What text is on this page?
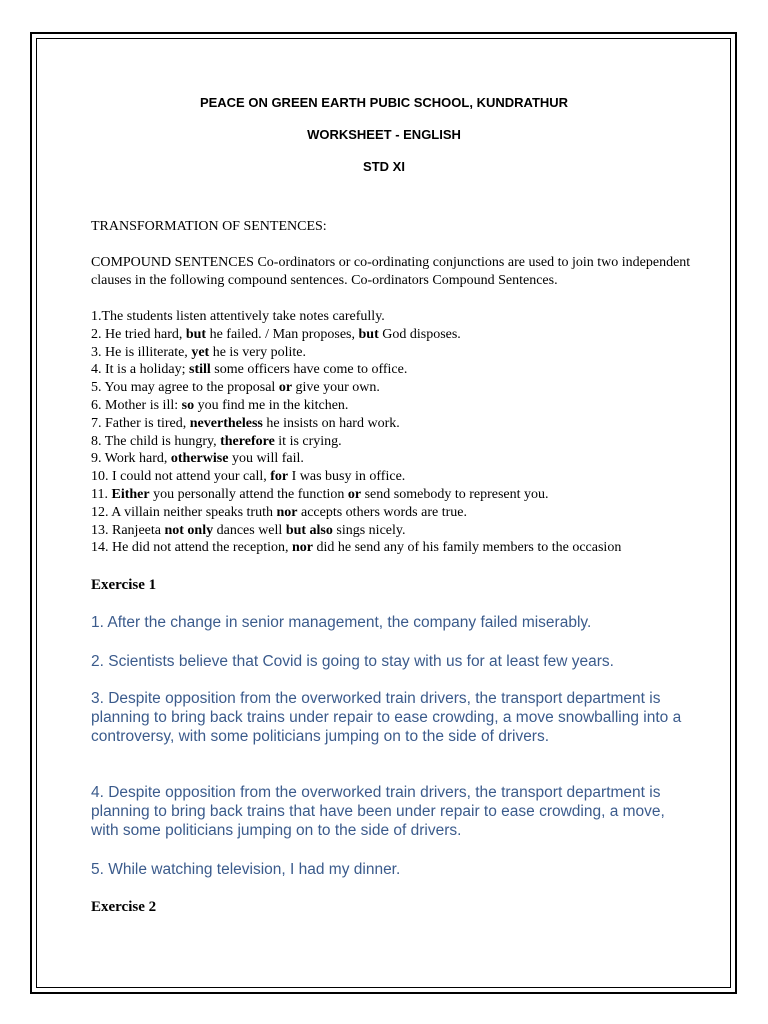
PEACE ON GREEN EARTH PUBIC SCHOOL, KUNDRATHUR
WORKSHEET - ENGLISH
STD XI
TRANSFORMATION OF SENTENCES:
COMPOUND SENTENCES Co-ordinators or co-ordinating conjunctions are used to join two independent clauses in the following compound sentences. Co-ordinators Compound Sentences.
1.The students listen attentively take notes carefully.
2. He tried hard, but he failed. / Man proposes, but God disposes.
3. He is illiterate, yet he is very polite.
4. It is a holiday; still some officers have come to office.
5. You may agree to the proposal or give your own.
6. Mother is ill: so you find me in the kitchen.
7. Father is tired, nevertheless he insists on hard work.
8. The child is hungry, therefore it is crying.
9. Work hard, otherwise you will fail.
10. I could not attend your call, for I was busy in office.
11. Either you personally attend the function or send somebody to represent you.
12. A villain neither speaks truth nor accepts others words are true.
13. Ranjeeta not only dances well but also sings nicely.
14. He did not attend the reception, nor did he send any of his family members to the occasion
Exercise 1
1. After the change in senior management, the company failed miserably.
2. Scientists believe that Covid is going to stay with us for at least few years.
3. Despite opposition from the overworked train drivers, the transport department is planning to bring back trains under repair to ease crowding, a move snowballing into a controversy, with some politicians jumping on to the side of drivers.
4. Despite opposition from the overworked train drivers, the transport department is planning to bring back trains that have been under repair to ease crowding, a move, with some politicians jumping on to the side of drivers.
5. While watching television, I had my dinner.
Exercise 2
